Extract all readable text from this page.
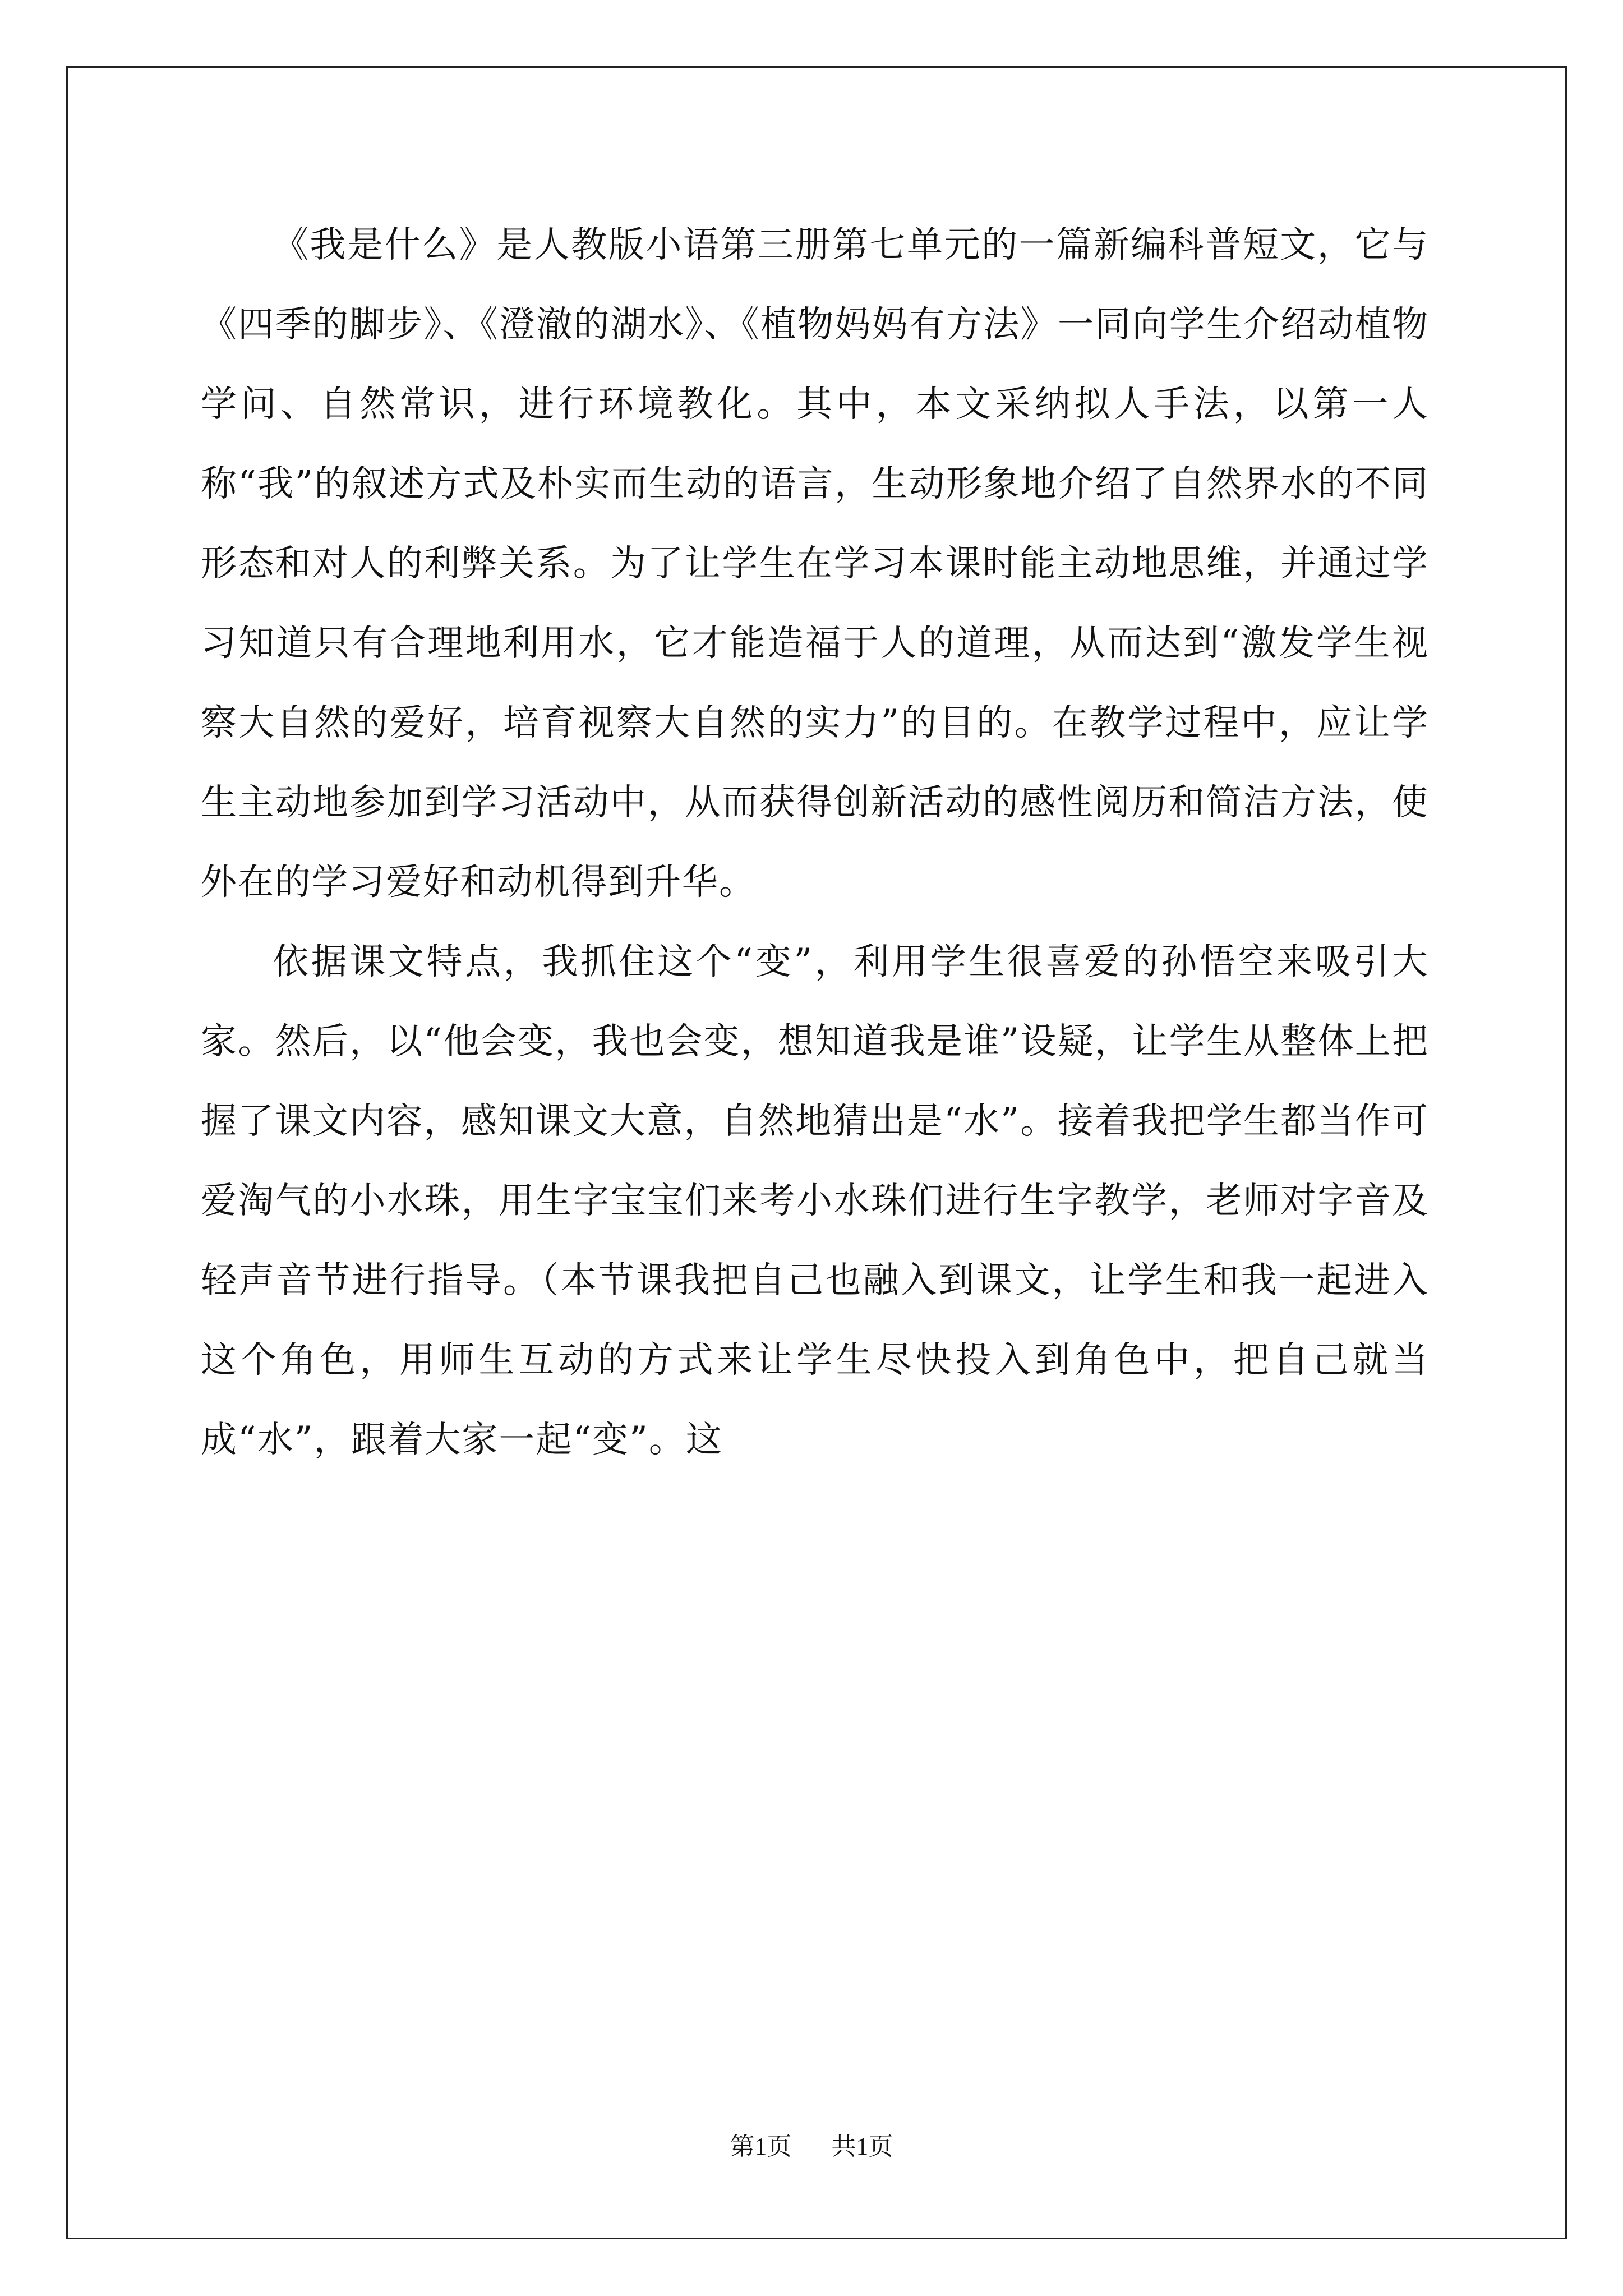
《我是什么》是人教版小语第三册第七单元的一篇新编科普短文，它与《四季的脚步》、《澄澈的湖水》、《植物妈妈有方法》一同向学生介绍动植物学问、自然常识，进行环境教化。其中，本文采纳拟人手法，以第一人称“我”的叙述方式及朴实而生动的语言，生动形象地介绍了自然界水的不同形态和对人的利弊关系。为了让学生在学习本课时能主动地思维，并通过学习知道只有合理地利用水，它才能造福于人的道理，从而达到“激发学生视察大自然的爱好，培育视察大自然的实力”的目的。在教学过程中，应让学生主动地参加到学习活动中，从而获得创新活动的感性阅历和简洁方法，使外在的学习爱好和动机得到升华。

依据课文特点，我抓住这个“变”，利用学生很喜爱的孙悟空来吸引大家。然后，以“他会变，我也会变，想知道我是谁”设疑，让学生从整体上把握了课文内容，感知课文大意，自然地猜出是“水”。接着我把学生都当作可爱淘气的小水珠，用生字宝宝们来考小水珠们进行生字教学，老师对字音及轻声音节进行指导。（本节课我把自己也融入到课文，让学生和我一起进入这个角色，用师生互动的方式来让学生尽快投入到角色中，把自己就当成“水”，跟着大家一起“变”。这

第1页 共1页
